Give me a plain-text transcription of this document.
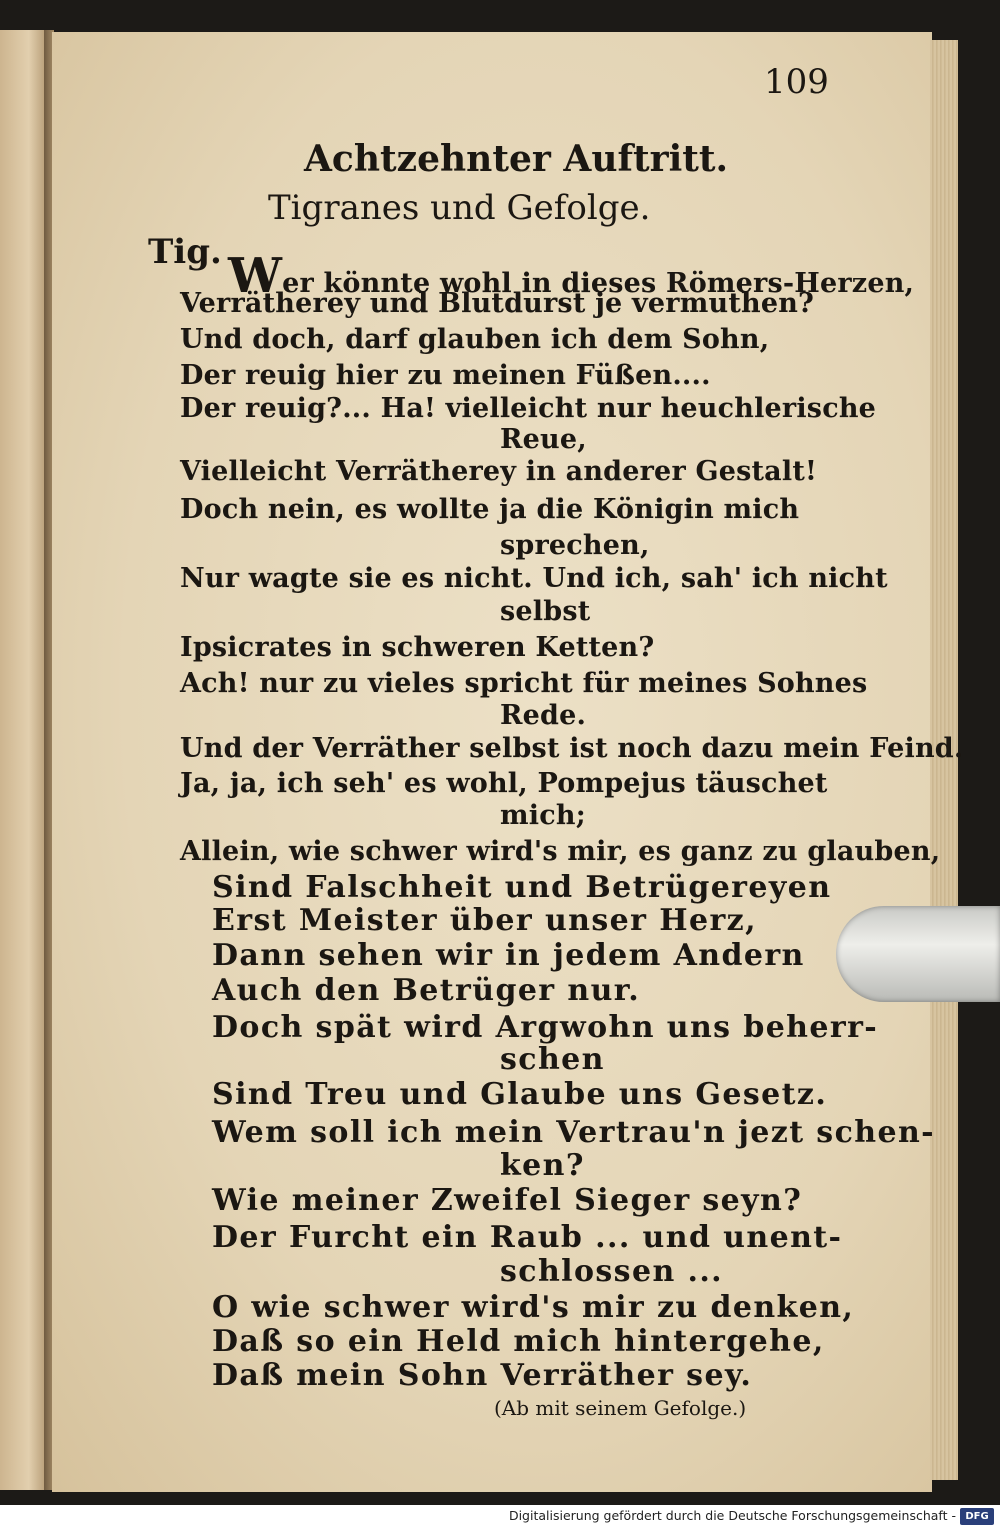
109
Achtzehnter Auftritt.
Tigranes und Gefolge.
Tig. Wer könnte wohl in dieses Römers-Herzen,
Verrätherey und Blutdurst je vermuthen?
Und doch, darf glauben ich dem Sohn,
Der reuig hier zu meinen Füßen....
Der reuig?... Ha! vielleicht nur heuchlerische
Reue,
Vielleicht Verrätherey in anderer Gestalt!
Doch nein, es wollte ja die Königin mich
sprechen,
Nur wagte sie es nicht. Und ich, sah' ich nicht
selbst
Ipsicrates in schweren Ketten?
Ach! nur zu vieles spricht für meines Sohnes
Rede.
Und der Verräther selbst ist noch dazu mein Feind.
Ja, ja, ich seh' es wohl, Pompejus täuschet
mich;
Allein, wie schwer wird's mir, es ganz zu glauben,
Sind Falschheit und Betrügereyen
Erst Meister über unser Herz,
Dann sehen wir in jedem Andern
Auch den Betrüger nur.
Doch spät wird Argwohn uns beherr-
schen
Sind Treu und Glaube uns Gesetz.
Wem soll ich mein Vertrau'n jezt schen-
ken?
Wie meiner Zweifel Sieger seyn?
Der Furcht ein Raub ... und unent-
schlossen ...
O wie schwer wird's mir zu denken,
Daß so ein Held mich hintergehe,
Daß mein Sohn Verräther sey.
(Ab mit seinem Gefolge.)
Digitalisierung gefördert durch die Deutsche Forschungsgemeinschaft - DFG
